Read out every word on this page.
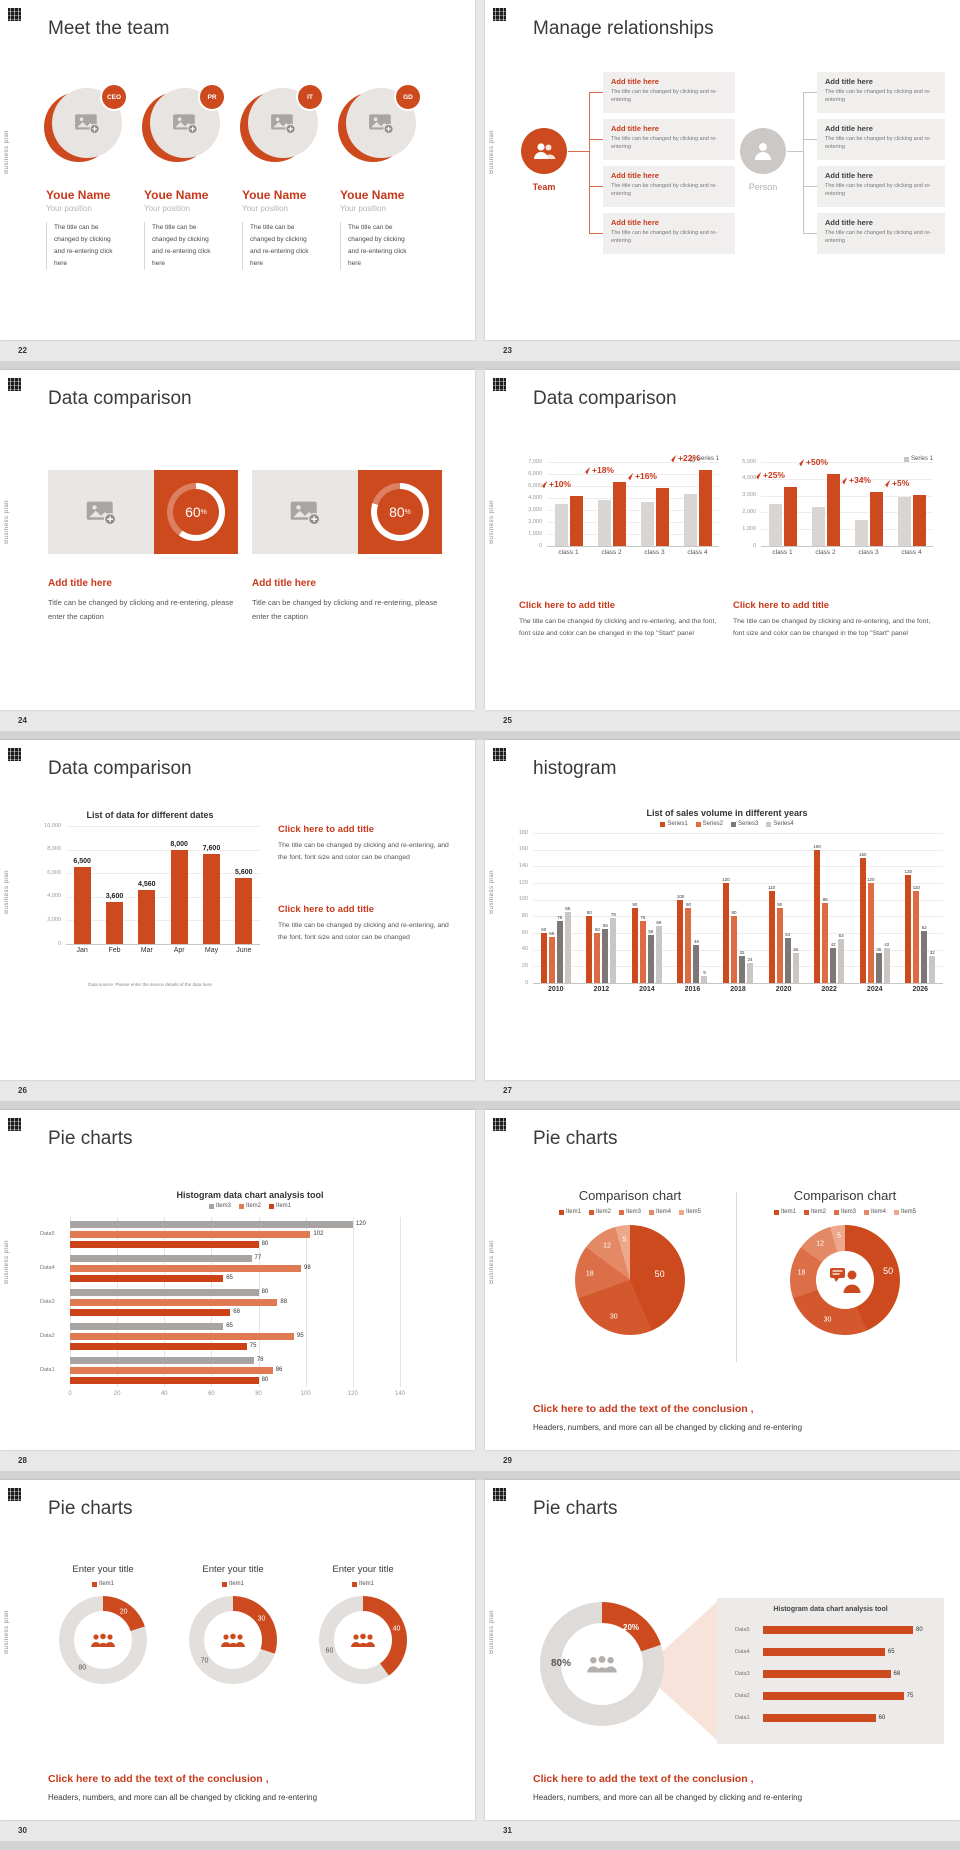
Business plan
Meet the team
CEO
Youe Name
Your position
The title can be changed by clicking and re-entering click here
PR
Youe Name
Your position
The title can be changed by clicking and re-entering click here
IT
Youe Name
Your position
The title can be changed by clicking and re-entering click here
GD
Youe Name
Your position
The title can be changed by clicking and re-entering click here
Business plan
Manage relationships
Team	Person
Add title here

The title can be changed by clicking and re-entering

Add title here

The title can be changed by clicking and re-entering

Add title here

The title can be changed by clicking and re-entering

Add title here

The title can be changed by clicking and re-entering

Add title here

The title can be changed by clicking and re-entering

Add title here

The title can be changed by clicking and re-entering

Add title here

The title can be changed by clicking and re-entering

Add title here

The title can be changed by clicking and re-entering

22	23
Business plan
Data comparison
60 %
Add title here

Title can be changed by clicking and re-entering, please enter the caption

80 %
Add title here

Title can be changed by clicking and re-entering, please enter the caption

Business plan
Data comparison
Series 1
7,000
6,000
5,000
4,000
3,000
2,000
1,000
0
+10%
+18%
+16%
+22%
class 1	class 2	class 3	class 4
Click here to add title

The title can be changed by clicking and re-entering, and the font, font size and color can be changed in the top "Start" panel

Series 1
5,000
4,000
3,000
2,000
1,000
0
+25%
+50%
+34%	+5%
class 1	class 2	class 3	class 4
Click here to add title

The title can be changed by clicking and re-entering, and the font, font size and color can be changed in the top "Start" panel

24	25
Business plan
Data comparison
List of data for different dates
10,000
8,000
6,000
4,000
2,000
0
6,500
3,600
4,560
8,000
7,600
5,600
Jan	Feb	Mar	Apr	May	June
Data source: Please enter the source details of the data here
Click here to add title

The title can be changed by clicking and re-entering, and the font, font size and color can be changed

Click here to add title

The title can be changed by clicking and re-entering, and the font, font size and color can be changed

Business plan
histogram
List of sales volume in different years
Series1	Series2	Series3	Series4
180
160
140
120
100
80
60
40
20
0
60
55
75
85
80
60
65
78
90
75
58
68
100
90
46
9
120
80
32
24
110
90
54
36
160
96
42
53
150
120
36
42
130
110
62
32
2010	2012	2014	2016	2018	2020	2022	2024	2026
26	27
Business plan
Pie charts
Histogram data chart analysis tool
Item3	Item2	Item1
0	20	40	60	80	100	120	140
Data5
120
102
80
Data4
77
98
65
Data3
80
88
68
Data2
65
95
75
Data1
78
86
80
Business plan
Pie charts
Comparison chart
Item1	Item2	Item3	Item4	Item5
50
30
18
12
5
Comparison chart
Item1	Item2	Item3	Item4	Item5
50
30
18
12
5
Click here to add the text of the conclusion ,

Headers, numbers, and more can all be changed by clicking and re-entering

28	29
Business plan
Pie charts
Enter your title
Item1
20
80
Enter your title
Item1
30
70
Enter your title
Item1
40
60
Click here to add the text of the conclusion ,

Headers, numbers, and more can all be changed by clicking and re-entering

Business plan
Pie charts
80%
20%
Histogram data chart analysis tool
Data5	80
Data4	65
Data3	68
Data2	75
Data1	60
Click here to add the text of the conclusion ,

Headers, numbers, and more can all be changed by clicking and re-entering

30	31
